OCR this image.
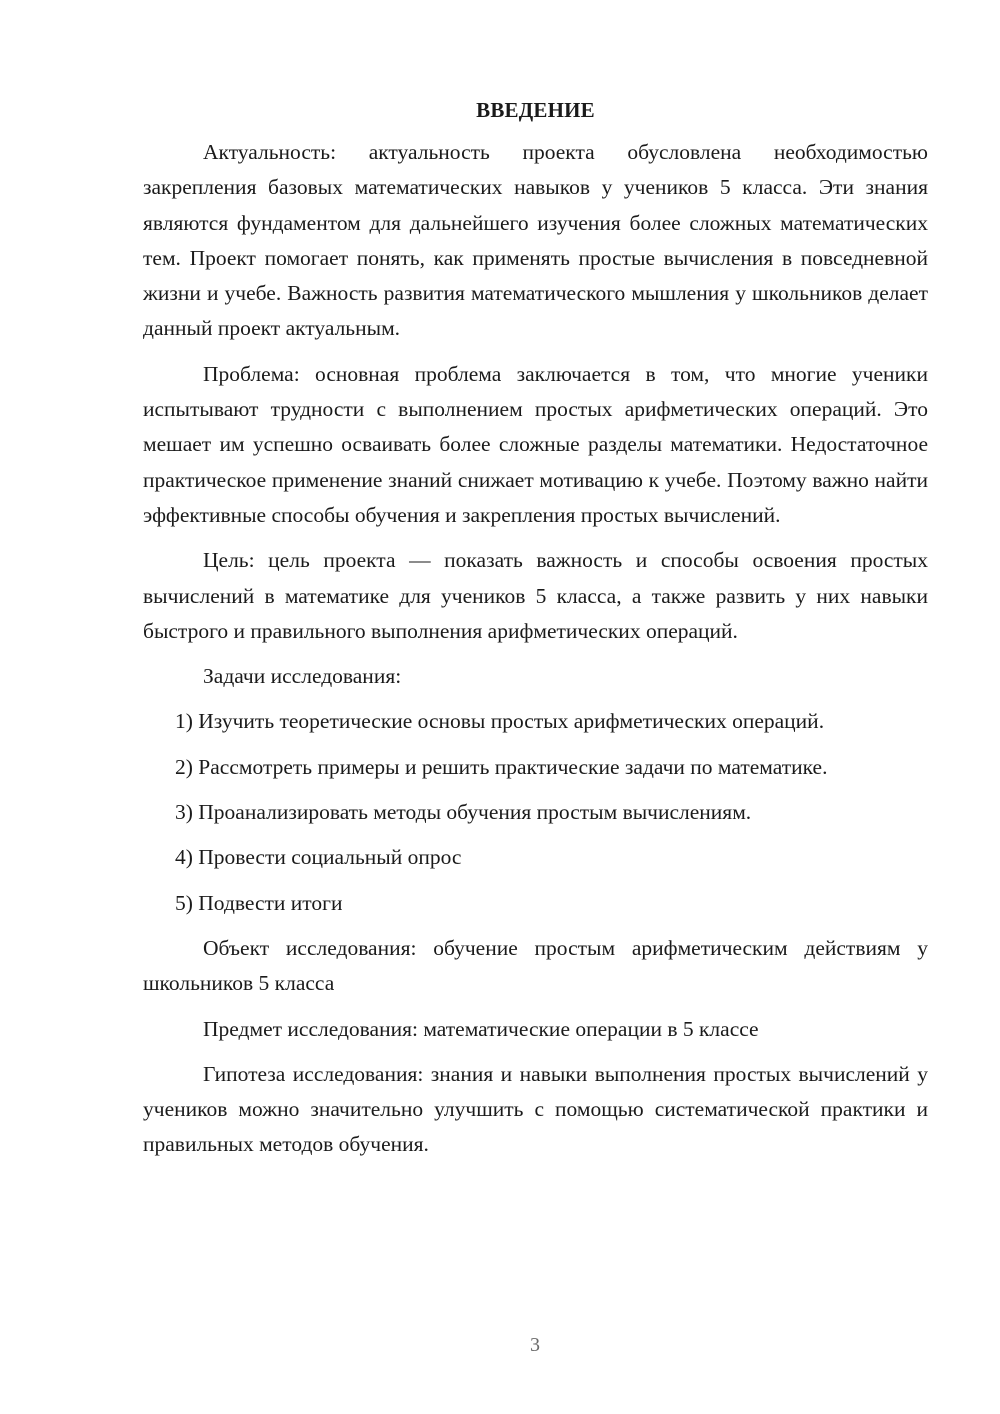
ВВЕДЕНИЕ

Актуальность: актуальность проекта обусловлена необходимостью закрепления базовых математических навыков у учеников 5 класса. Эти знания являются фундаментом для дальнейшего изучения более сложных математических тем. Проект помогает понять, как применять простые вычисления в повседневной жизни и учебе. Важность развития математического мышления у школьников делает данный проект актуальным.

Проблема: основная проблема заключается в том, что многие ученики испытывают трудности с выполнением простых арифметических операций. Это мешает им успешно осваивать более сложные разделы математики. Недостаточное практическое применение знаний снижает мотивацию к учебе. Поэтому важно найти эффективные способы обучения и закрепления простых вычислений.

Цель: цель проекта — показать важность и способы освоения простых вычислений в математике для учеников 5 класса, а также развить у них навыки быстрого и правильного выполнения арифметических операций.

Задачи исследования:

1) Изучить теоретические основы простых арифметических операций.

2) Рассмотреть примеры и решить практические задачи по математике.

3) Проанализировать методы обучения простым вычислениям.

4) Провести социальный опрос

5) Подвести итоги

Объект исследования: обучение простым арифметическим действиям у школьников 5 класса

Предмет исследования: математические операции в 5 классе

Гипотеза исследования: знания и навыки выполнения простых вычислений у учеников можно значительно улучшить с помощью систематической практики и правильных методов обучения.

3
